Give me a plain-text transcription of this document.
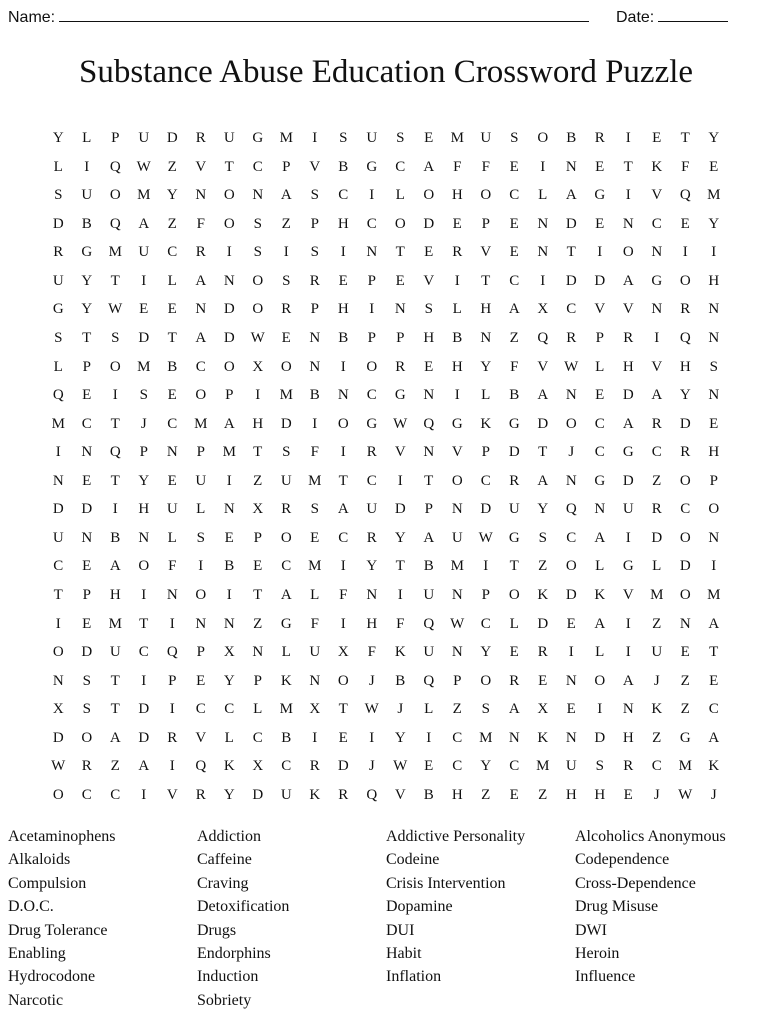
Name:	Date:
Substance Abuse Education Crossword Puzzle
Y	L	P	U	D	R	U	G	M	I	S	U	S	E	M	U	S	O	B	R	I	E	T	Y
L	I	Q	W	Z	V	T	C	P	V	B	G	C	A	F	F	E	I	N	E	T	K	F	E
S	U	O	M	Y	N	O	N	A	S	C	I	L	O	H	O	C	L	A	G	I	V	Q	M
D	B	Q	A	Z	F	O	S	Z	P	H	C	O	D	E	P	E	N	D	E	N	C	E	Y
R	G	M	U	C	R	I	S	I	S	I	N	T	E	R	V	E	N	T	I	O	N	I	I
U	Y	T	I	L	A	N	O	S	R	E	P	E	V	I	T	C	I	D	D	A	G	O	H
G	Y	W	E	E	N	D	O	R	P	H	I	N	S	L	H	A	X	C	V	V	N	R	N
S	T	S	D	T	A	D	W	E	N	B	P	P	H	B	N	Z	Q	R	P	R	I	Q	N
L	P	O	M	B	C	O	X	O	N	I	O	R	E	H	Y	F	V	W	L	H	V	H	S
Q	E	I	S	E	O	P	I	M	B	N	C	G	N	I	L	B	A	N	E	D	A	Y	N
M	C	T	J	C	M	A	H	D	I	O	G	W	Q	G	K	G	D	O	C	A	R	D	E
I	N	Q	P	N	P	M	T	S	F	I	R	V	N	V	P	D	T	J	C	G	C	R	H
N	E	T	Y	E	U	I	Z	U	M	T	C	I	T	O	C	R	A	N	G	D	Z	O	P
D	D	I	H	U	L	N	X	R	S	A	U	D	P	N	D	U	Y	Q	N	U	R	C	O
U	N	B	N	L	S	E	P	O	E	C	R	Y	A	U	W	G	S	C	A	I	D	O	N
C	E	A	O	F	I	B	E	C	M	I	Y	T	B	M	I	T	Z	O	L	G	L	D	I
T	P	H	I	N	O	I	T	A	L	F	N	I	U	N	P	O	K	D	K	V	M	O	M
I	E	M	T	I	N	N	Z	G	F	I	H	F	Q	W	C	L	D	E	A	I	Z	N	A
O	D	U	C	Q	P	X	N	L	U	X	F	K	U	N	Y	E	R	I	L	I	U	E	T
N	S	T	I	P	E	Y	P	K	N	O	J	B	Q	P	O	R	E	N	O	A	J	Z	E
X	S	T	D	I	C	C	L	M	X	T	W	J	L	Z	S	A	X	E	I	N	K	Z	C
D	O	A	D	R	V	L	C	B	I	E	I	Y	I	C	M	N	K	N	D	H	Z	G	A
W	R	Z	A	I	Q	K	X	C	R	D	J	W	E	C	Y	C	M	U	S	R	C	M	K
O	C	C	I	V	R	Y	D	U	K	R	Q	V	B	H	Z	E	Z	H	H	E	J	W	J
Acetaminophens	Addiction	Addictive Personality	Alcoholics Anonymous
Alkaloids	Caffeine	Codeine	Codependence
Compulsion	Craving	Crisis Intervention	Cross-Dependence
D.O.C.	Detoxification	Dopamine	Drug Misuse
Drug Tolerance	Drugs	DUI	DWI
Enabling	Endorphins	Habit	Heroin
Hydrocodone	Induction	Inflation	Influence
Narcotic	Sobriety
